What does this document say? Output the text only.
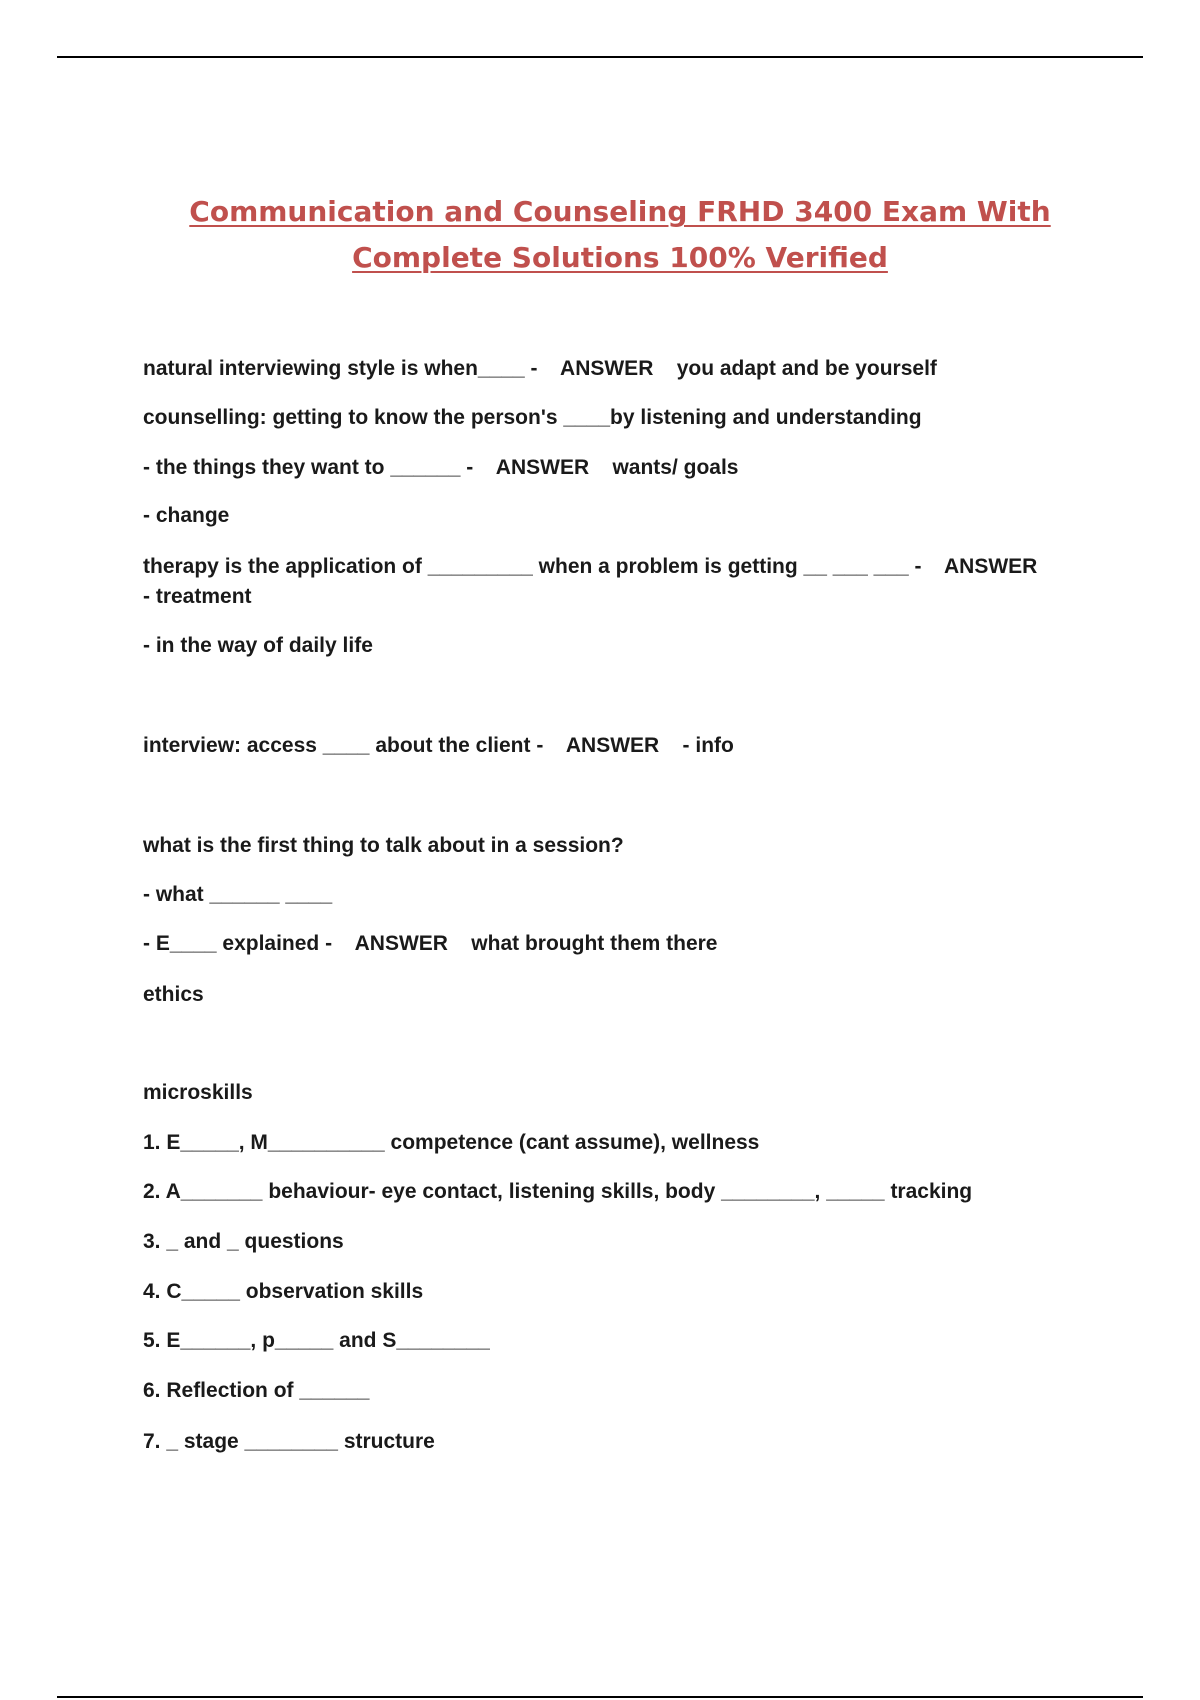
Communication and Counseling FRHD 3400 Exam With
Complete Solutions 100% Verified
natural interviewing style is when____ -    ANSWER    you adapt and be yourself
counselling: getting to know the person's ____by listening and understanding
- the things they want to ______ -    ANSWER    wants/ goals
- change
therapy is the application of _________ when a problem is getting __ ___ ___ -    ANSWER
- treatment
- in the way of daily life
interview: access ____ about the client -    ANSWER    - info
what is the first thing to talk about in a session?
- what ______ ____
- E____ explained -    ANSWER    what brought them there
ethics
microskills
1. E_____, M__________ competence (cant assume), wellness
2. A_______ behaviour- eye contact, listening skills, body ________, _____ tracking
3. _ and _ questions
4. C_____ observation skills
5. E______, p_____ and S________
6. Reflection of ______
7. _ stage ________ structure
